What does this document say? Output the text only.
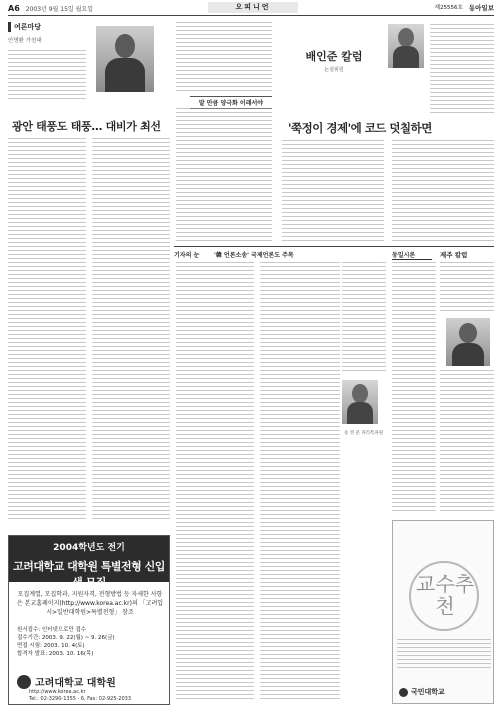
A6 2003년 9월 15일 월요일	오피니언	제25556호 동아일보
여론마당
안명환 가천대
광안 태풍도 태풍… 대비가 최선
2004학년도 전기
고려대학교 대학원 특별전형 신입생 모집
모집계열, 모집학과, 지원자격, 전형방법 등 자세한 사항은 본교홈페이지(http://www.korea.ac.kr)의 「고려입시>일반대학원>특별전형」 참조
원서접수: 인터넷으로만 접수
접수기간: 2003. 9. 22(월) ~ 9. 26(금)
면접 시험: 2003. 10. 4(토)
합격자 발표: 2003. 10. 16(목)
고려대학교 대학원
http://www.korea.ac.kr
Tel.: 02-3290-1355 · 6, Fax: 02-925-2033
말 만큼 양극화 이래서야
배인준 칼럼
논설위원
'쭉정이 경제'에 코드 덧칠하면
기자의 눈	'韓 언론소송' 국제언론도 주목
송 영 준 파리특파원
동일시론	제주 칼럼
교수추천
국민대학교
